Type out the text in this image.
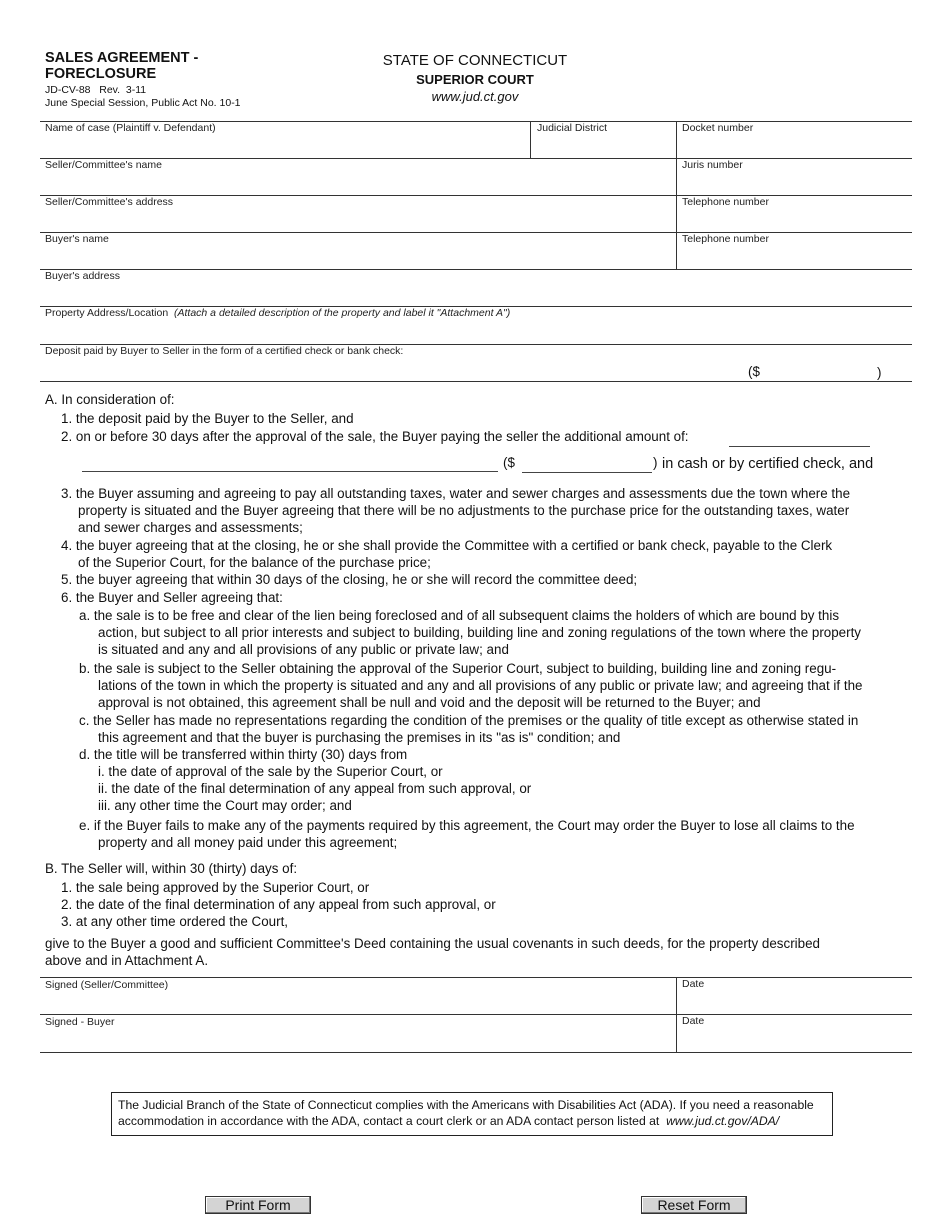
SALES AGREEMENT -
FORECLOSURE
JD-CV-88   Rev.  3-11
June Special Session, Public Act No. 10-1
STATE OF CONNECTICUT
SUPERIOR COURT
www.jud.ct.gov
Name of case (Plaintiff v. Defendant)	Judicial District	Docket number
Seller/Committee's name	Juris number
Seller/Committee's address	Telephone number
Buyer's name	Telephone number
Buyer's address
Property Address/Location (Attach a detailed description of the property and label it "Attachment A")
Deposit paid by Buyer to Seller in the form of a certified check or bank check:
($	)
A. In consideration of:
1. the deposit paid by the Buyer to the Seller, and
2. on or before 30 days after the approval of the sale, the Buyer paying the seller the additional amount of:
($	) in cash or by certified check, and
3. the Buyer assuming and agreeing to pay all outstanding taxes, water and sewer charges and assessments due the town where the
property is situated and the Buyer agreeing that there will be no adjustments to the purchase price for the outstanding taxes, water
and sewer charges and assessments;
4. the buyer agreeing that at the closing, he or she shall provide the Committee with a certified or bank check, payable to the Clerk
of the Superior Court, for the balance of the purchase price;
5. the buyer agreeing that within 30 days of the closing, he or she will record the committee deed;
6. the Buyer and Seller agreeing that:
a. the sale is to be free and clear of the lien being foreclosed and of all subsequent claims the holders of which are bound by this
action, but subject to all prior interests and subject to building, building line and zoning regulations of the town where the property
is situated and any and all provisions of any public or private law; and
b. the sale is subject to the Seller obtaining the approval of the Superior Court, subject to building, building line and zoning regu-
lations of the town in which the property is situated and any and all provisions of any public or private law; and agreeing that if the
approval is not obtained, this agreement shall be null and void and the deposit will be returned to the Buyer; and
c. the Seller has made no representations regarding the condition of the premises or the quality of title except as otherwise stated in
this agreement and that the buyer is purchasing the premises in its "as is" condition; and
d. the title will be transferred within thirty (30) days from
i. the date of approval of the sale by the Superior Court, or
ii. the date of the final determination of any appeal from such approval, or
iii. any other time the Court may order; and
e. if the Buyer fails to make any of the payments required by this agreement, the Court may order the Buyer to lose all claims to the
property and all money paid under this agreement;
B. The Seller will, within 30 (thirty) days of:
1. the sale being approved by the Superior Court, or
2. the date of the final determination of any appeal from such approval, or
3. at any other time ordered the Court,
give to the Buyer a good and sufficient Committee's Deed containing the usual covenants in such deeds, for the property described
above and in Attachment A.
Signed (Seller/Committee)	Date
Signed - Buyer	Date
The Judicial Branch of the State of Connecticut complies with the Americans with Disabilities Act (ADA). If you need a reasonable
accommodation in accordance with the ADA, contact a court clerk or an ADA contact person listed at www.jud.ct.gov/ADA/
Print Form	Reset Form
